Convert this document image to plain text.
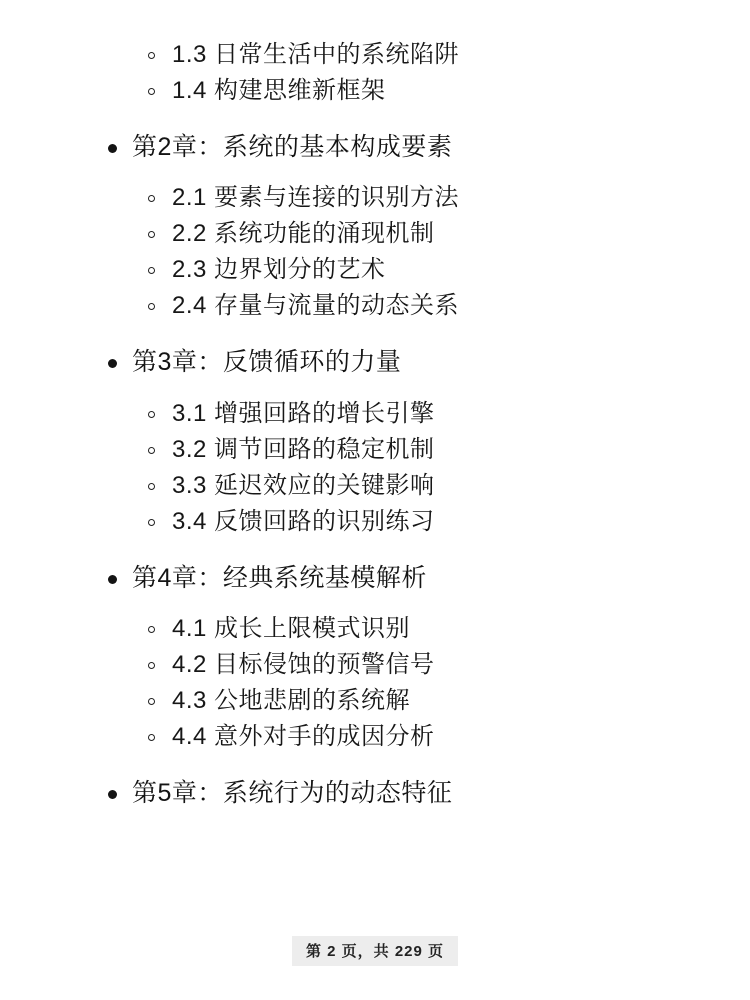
1.3 日常生活中的系统陷阱
1.4 构建思维新框架
第2章：系统的基本构成要素
2.1 要素与连接的识别方法
2.2 系统功能的涌现机制
2.3 边界划分的艺术
2.4 存量与流量的动态关系
第3章：反馈循环的力量
3.1 增强回路的增长引擎
3.2 调节回路的稳定机制
3.3 延迟效应的关键影响
3.4 反馈回路的识别练习
第4章：经典系统基模解析
4.1 成长上限模式识别
4.2 目标侵蚀的预警信号
4.3 公地悲剧的系统解
4.4 意外对手的成因分析
第5章：系统行为的动态特征
第 2 页，共 229 页
